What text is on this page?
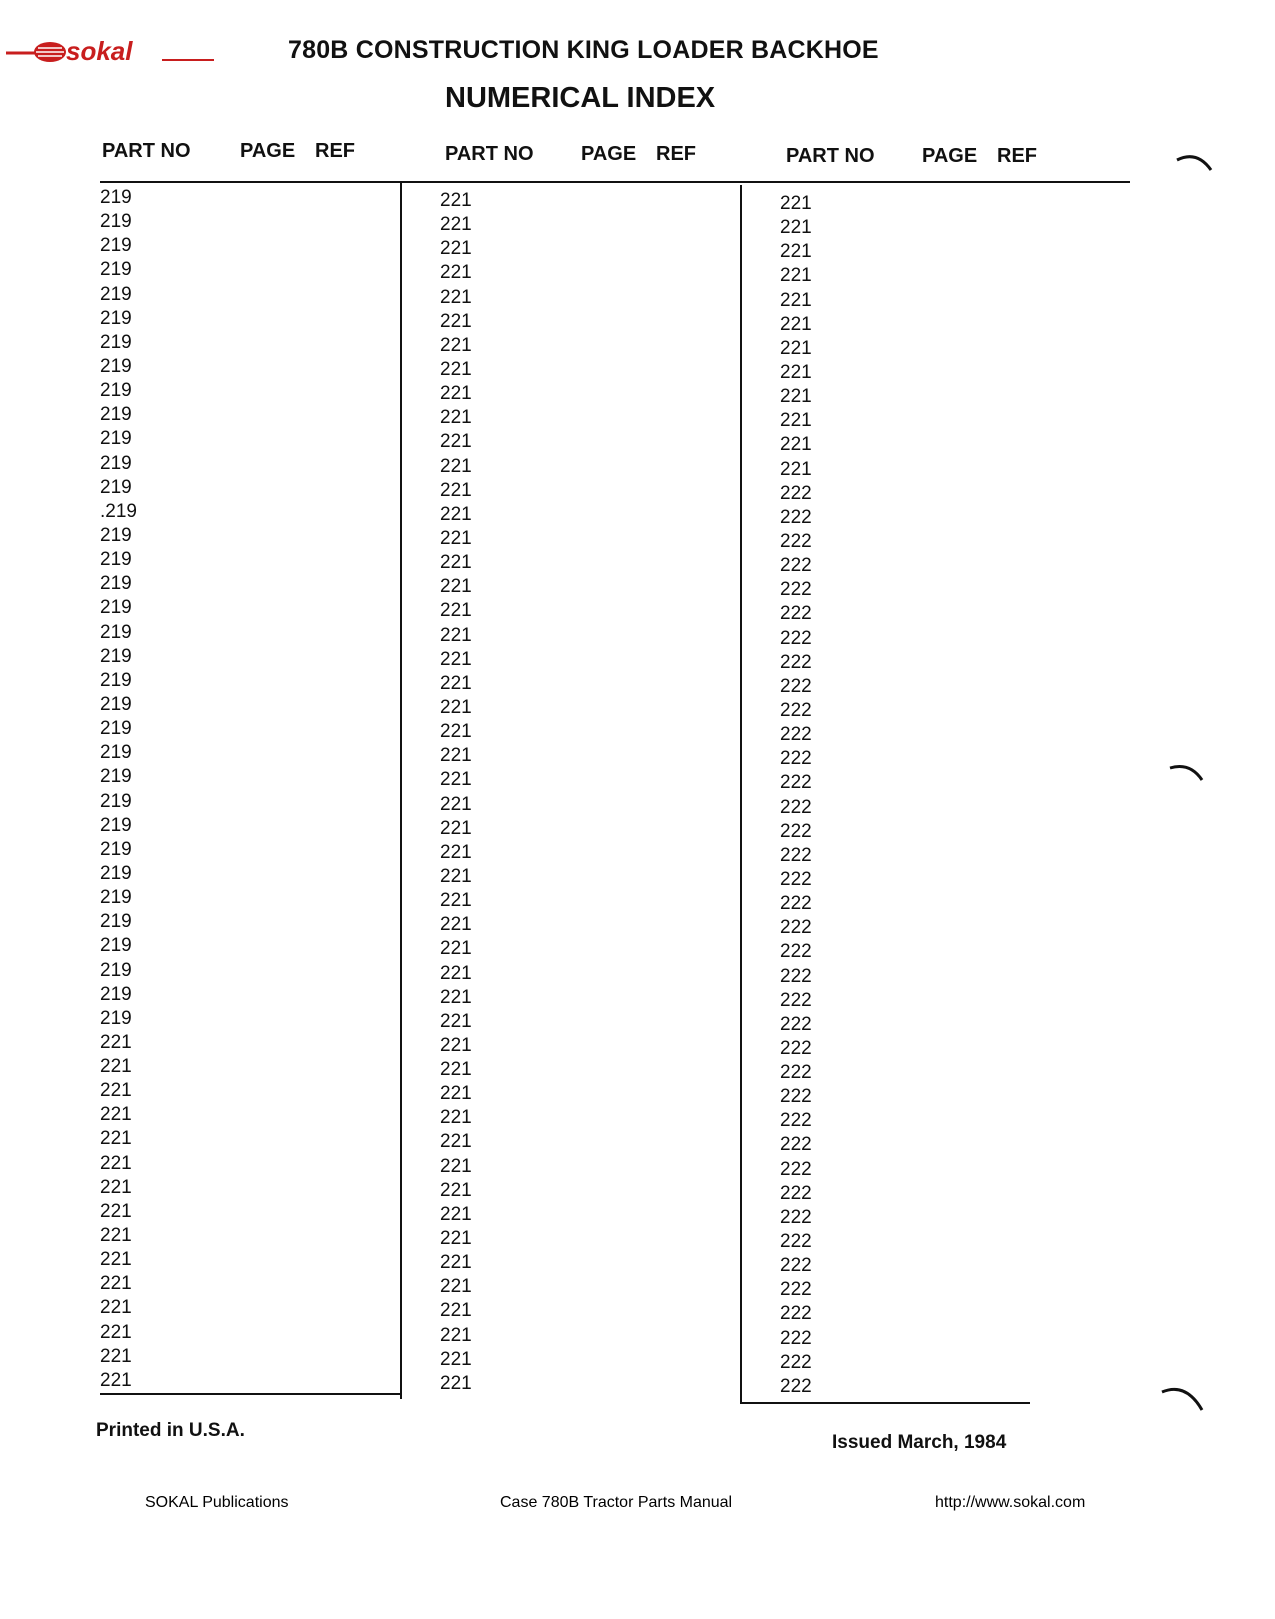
sokal	780B CONSTRUCTION KING LOADER BACKHOE
NUMERICAL INDEX
PART NO PAGE REF	PART NO PAGE REF	PART NO PAGE REF
219
219
219
219
219
219
219
219
219
219
219
219
219
.219
219
219
219
219
219
219
219
219
219
219
219
219
219
219
219
219
219
219
219
219
219
221
221
221
221
221
221
221
221
221
221
221
221
221
221
221
221
221
221
221
221
221
221
221
221
221
221
221
221
221
221
221
221
221
221
221
221
221
221
221
221
221
221
221
221
221
221
221
221
221
221
221
221
221
221
221
221
221
221
221
221
221
221
221
221
221
221
221
221
221
221
221
221
221
221
221
221
221
222
222
222
222
222
222
222
222
222
222
222
222
222
222
222
222
222
222
222
222
222
222
222
222
222
222
222
222
222
222
222
222
222
222
222
222
222
222
Printed in U.S.A.
Issued March, 1984
SOKAL Publications	Case 780B Tractor Parts Manual	http://www.sokal.com
